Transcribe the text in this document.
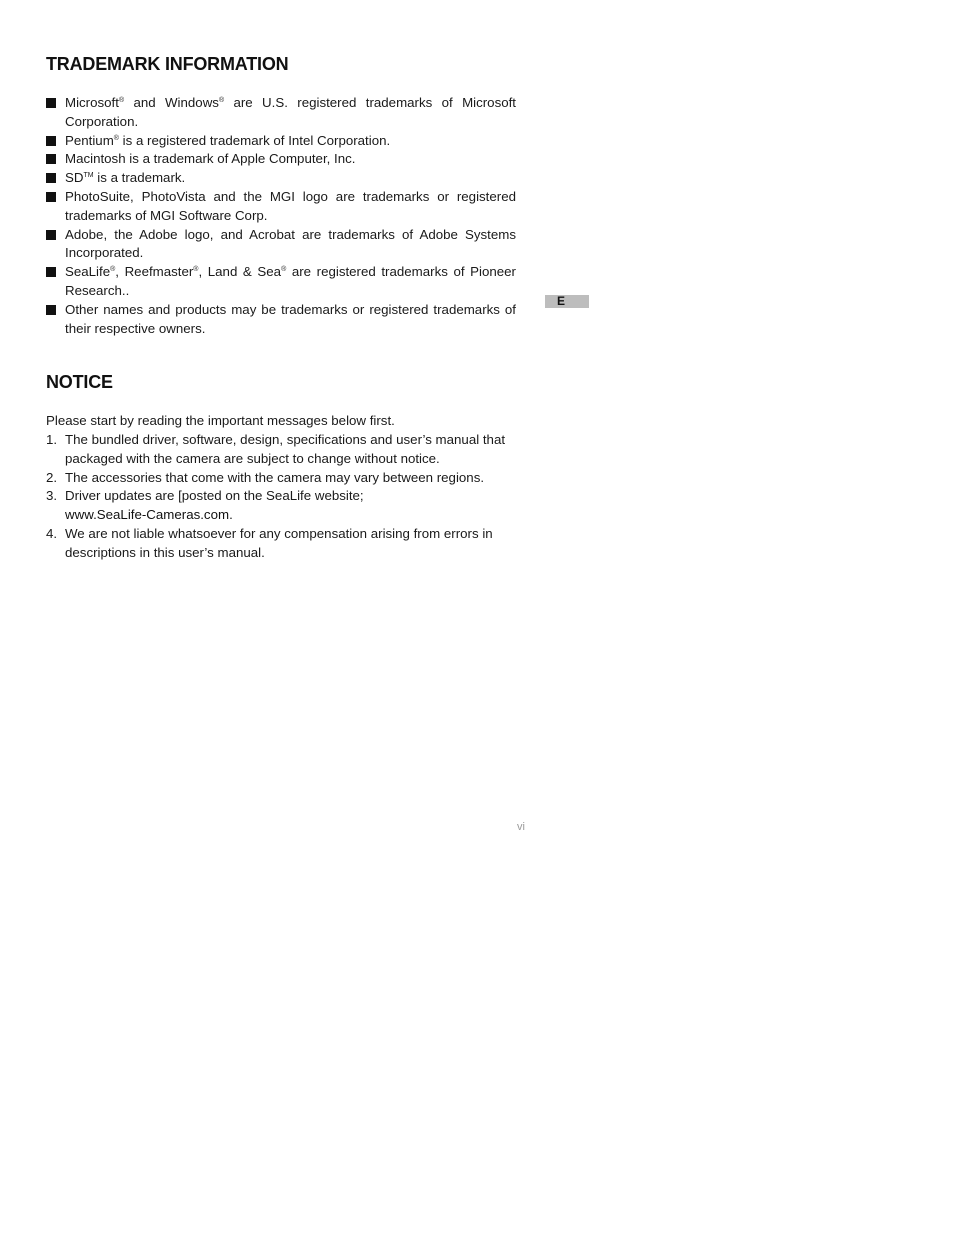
TRADEMARK INFORMATION
Microsoft® and Windows® are U.S. registered trademarks of Microsoft Corporation.
Pentium® is a registered trademark of Intel Corporation.
Macintosh is a trademark of Apple Computer, Inc.
SD™ is a trademark.
PhotoSuite, PhotoVista and the MGI logo are trademarks or registered trademarks of MGI Software Corp.
Adobe, the Adobe logo, and Acrobat are trademarks of Adobe Systems Incorporated.
SeaLife®, Reefmaster®, Land & Sea® are registered trademarks of Pioneer Research..
Other names and products may be trademarks or registered trademarks of their respective owners.
NOTICE

Please start by reading the important messages below first.

1. The bundled driver, software, design, specifications and user’s manual that packaged with the camera are subject to change without notice.
2. The accessories that come with the camera may vary between regions.
3. Driver updates are [posted on the SeaLife website;
www.SeaLife-Cameras.com.
4. We are not liable whatsoever for any compensation arising from errors in descriptions in this user’s manual.
E
vi
